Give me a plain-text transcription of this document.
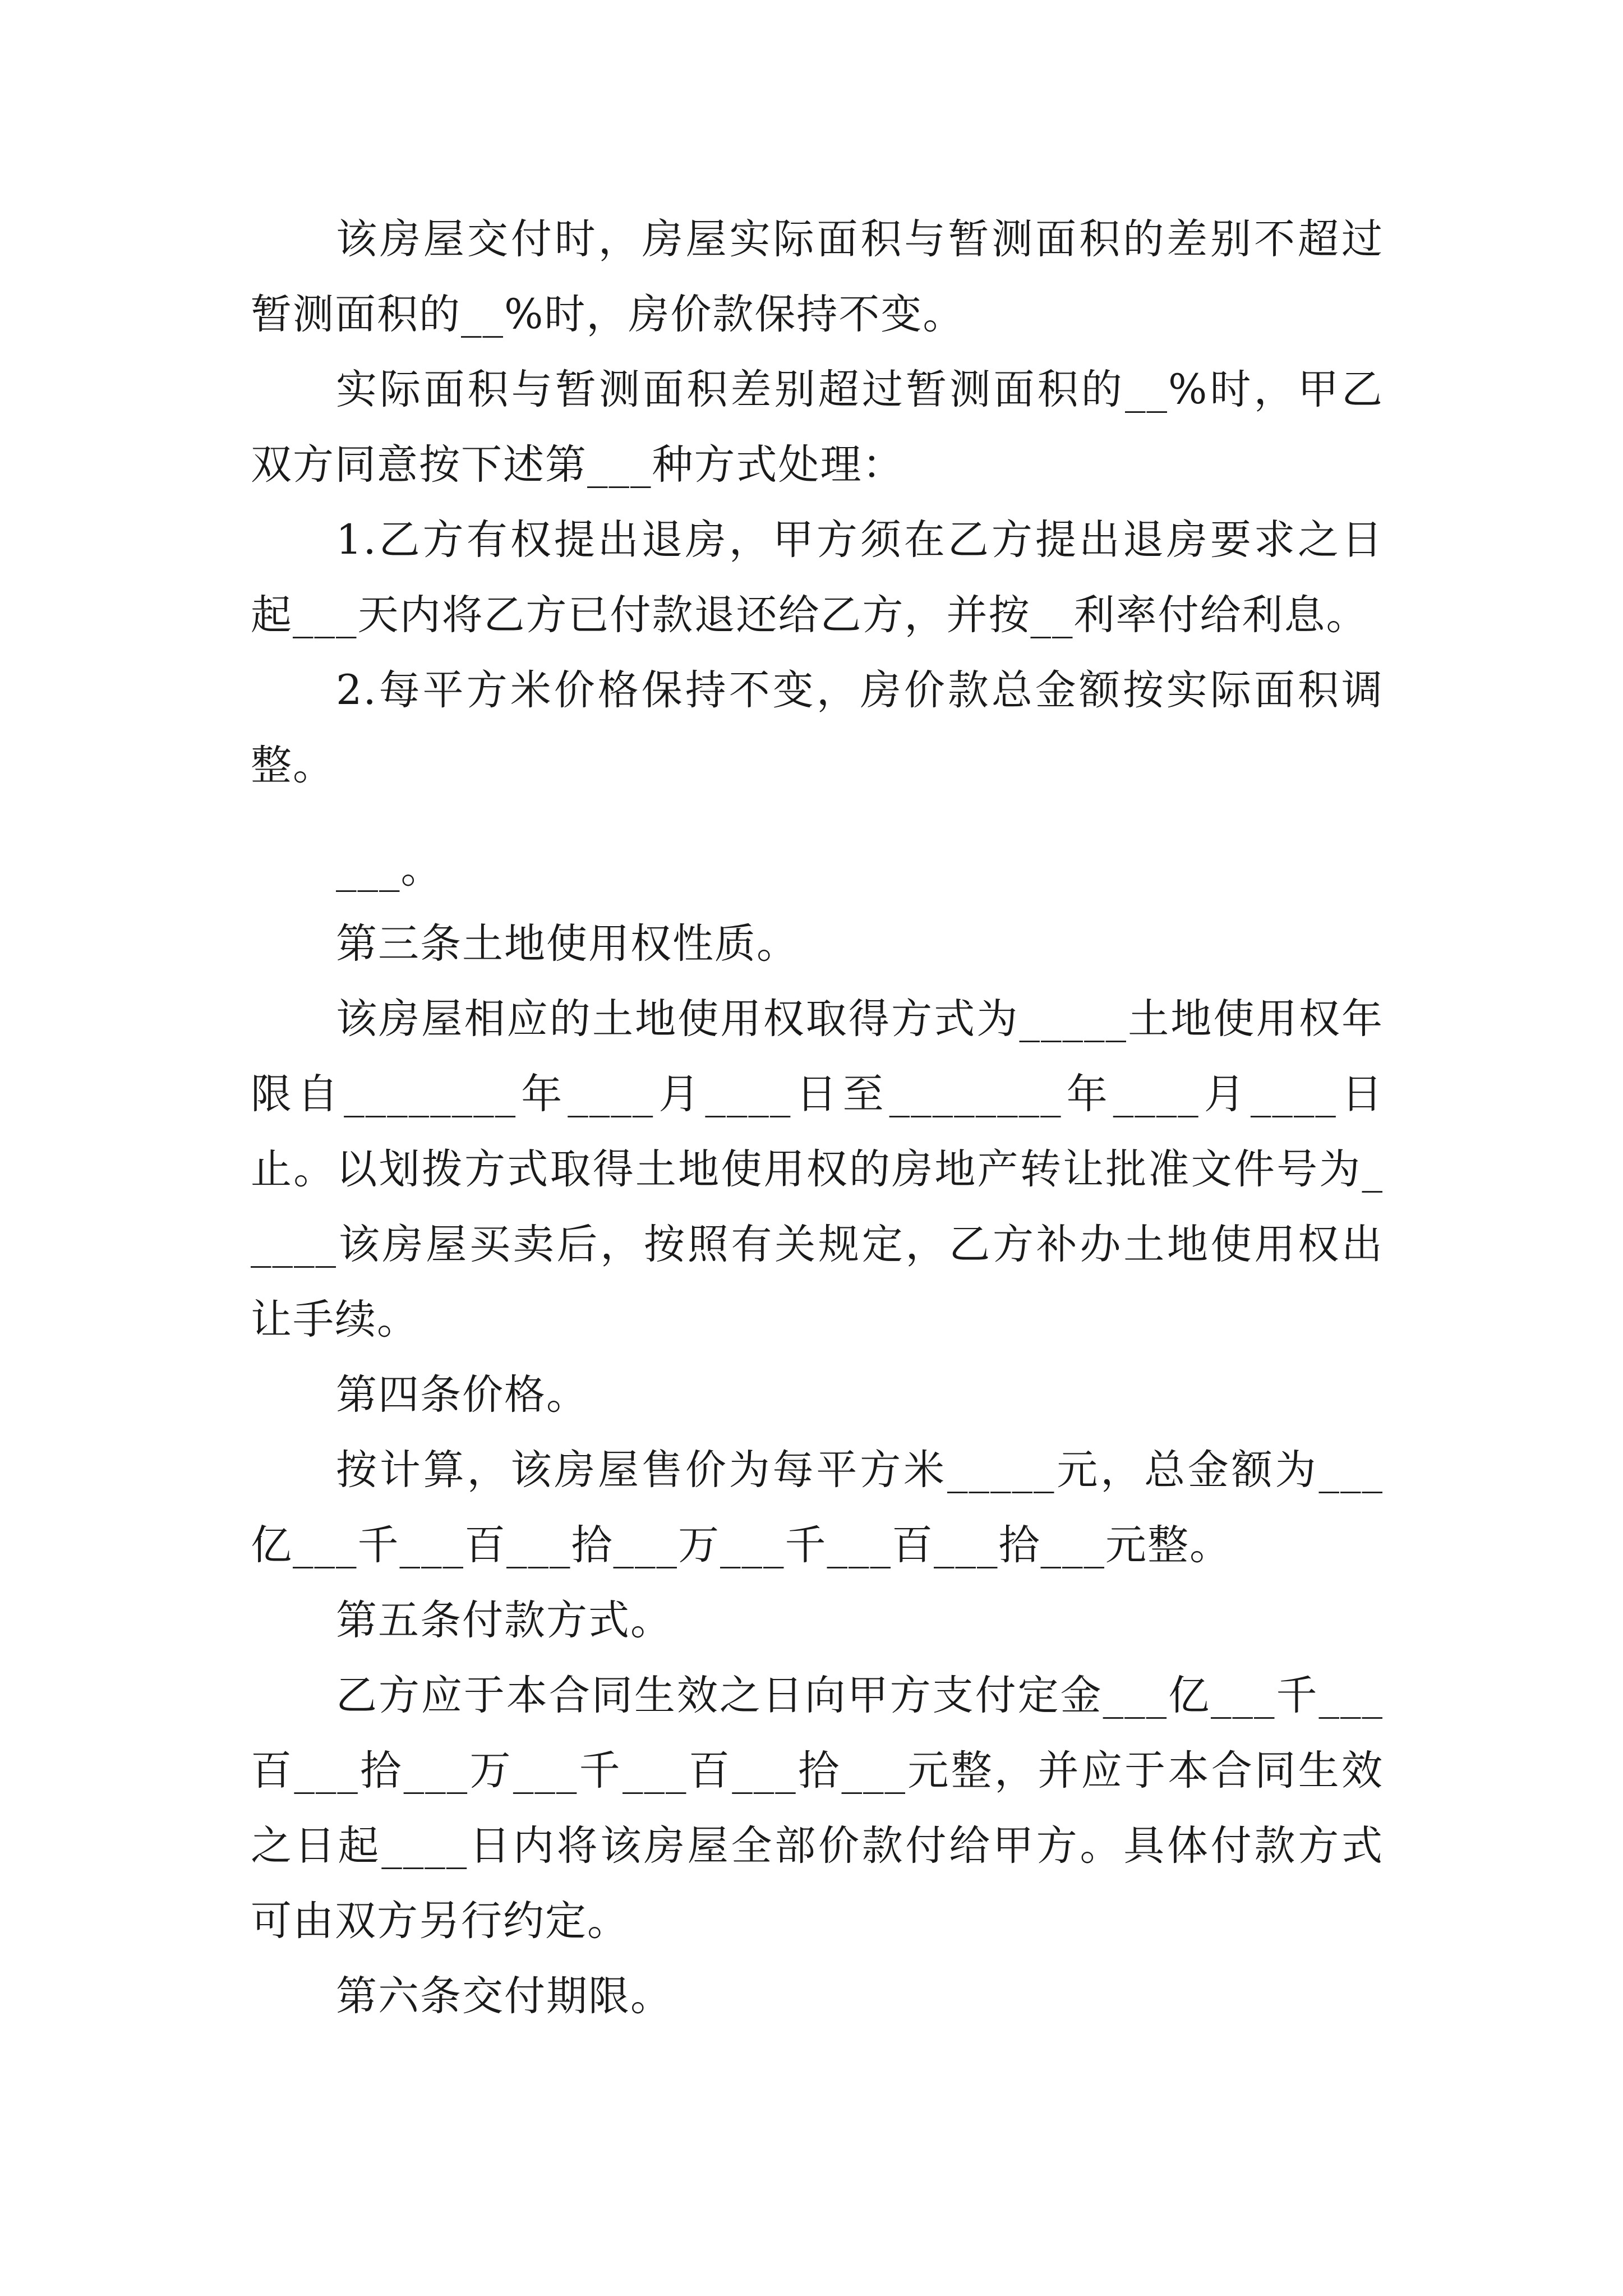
该房屋交付时，房屋实际面积与暂测面积的差别不超过暂测面积的__%时，房价款保持不变。

实际面积与暂测面积差别超过暂测面积的__%时，甲乙双方同意按下述第___种方式处理：

1.乙方有权提出退房，甲方须在乙方提出退房要求之日起___天内将乙方已付款退还给乙方，并按__利率付给利息。

2.每平方米价格保持不变，房价款总金额按实际面积调整。

___。

第三条土地使用权性质。

该房屋相应的土地使用权取得方式为_____土地使用权年限自________年____月____日至________年____月____日止。以划拨方式取得土地使用权的房地产转让批准文件号为_____该房屋买卖后，按照有关规定，乙方补办土地使用权出让手续。

第四条价格。

按计算，该房屋售价为每平方米_____元，总金额为___亿___千___百___拾___万___千___百___拾___元整。

第五条付款方式。

乙方应于本合同生效之日向甲方支付定金___亿___千___百___拾___万___千___百___拾___元整，并应于本合同生效之日起____日内将该房屋全部价款付给甲方。具体付款方式可由双方另行约定。

第六条交付期限。
